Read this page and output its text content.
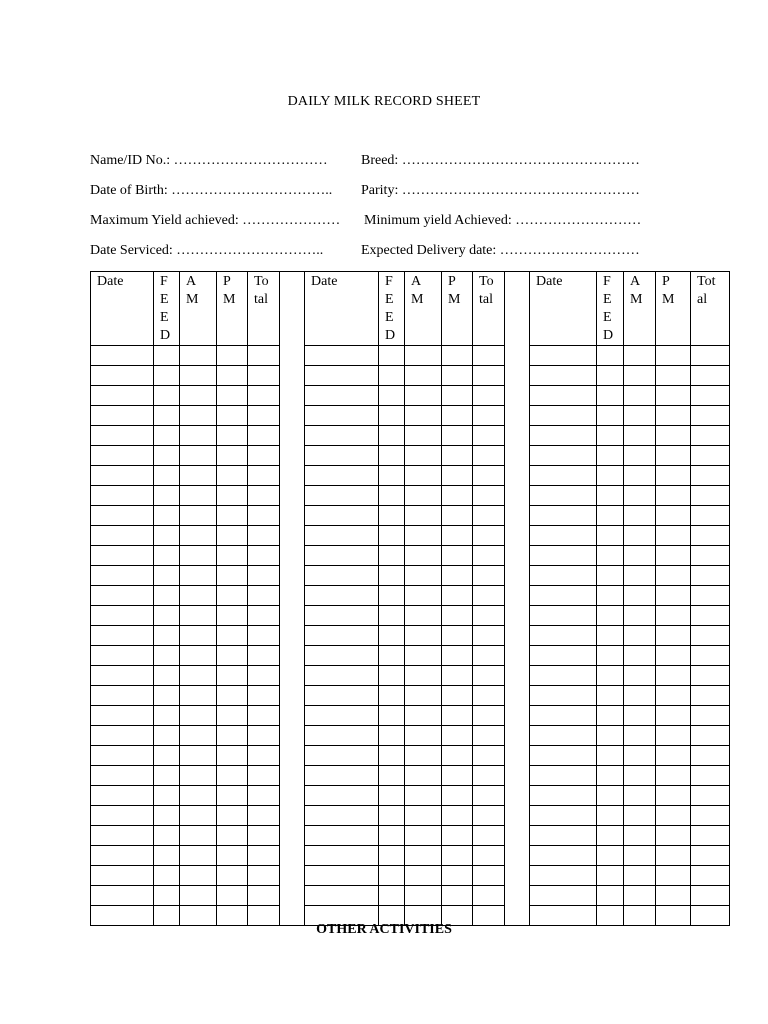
DAILY MILK RECORD SHEET
Name/ID No.: …………………………… Breed: ……………………………………………
Date of Birth: …………………………….. Parity: ……………………………………………
Maximum Yield achieved: ………………… Minimum yield Achieved: ………………………
Date Serviced: …………………………..	Expected Delivery date: …………………………
Date	F E E D	A M	P M	To tal		Date	F E E D	A M	P M	To tal		Date	F E E D	A M	P M	Tot al

OTHER ACTIVITIES
